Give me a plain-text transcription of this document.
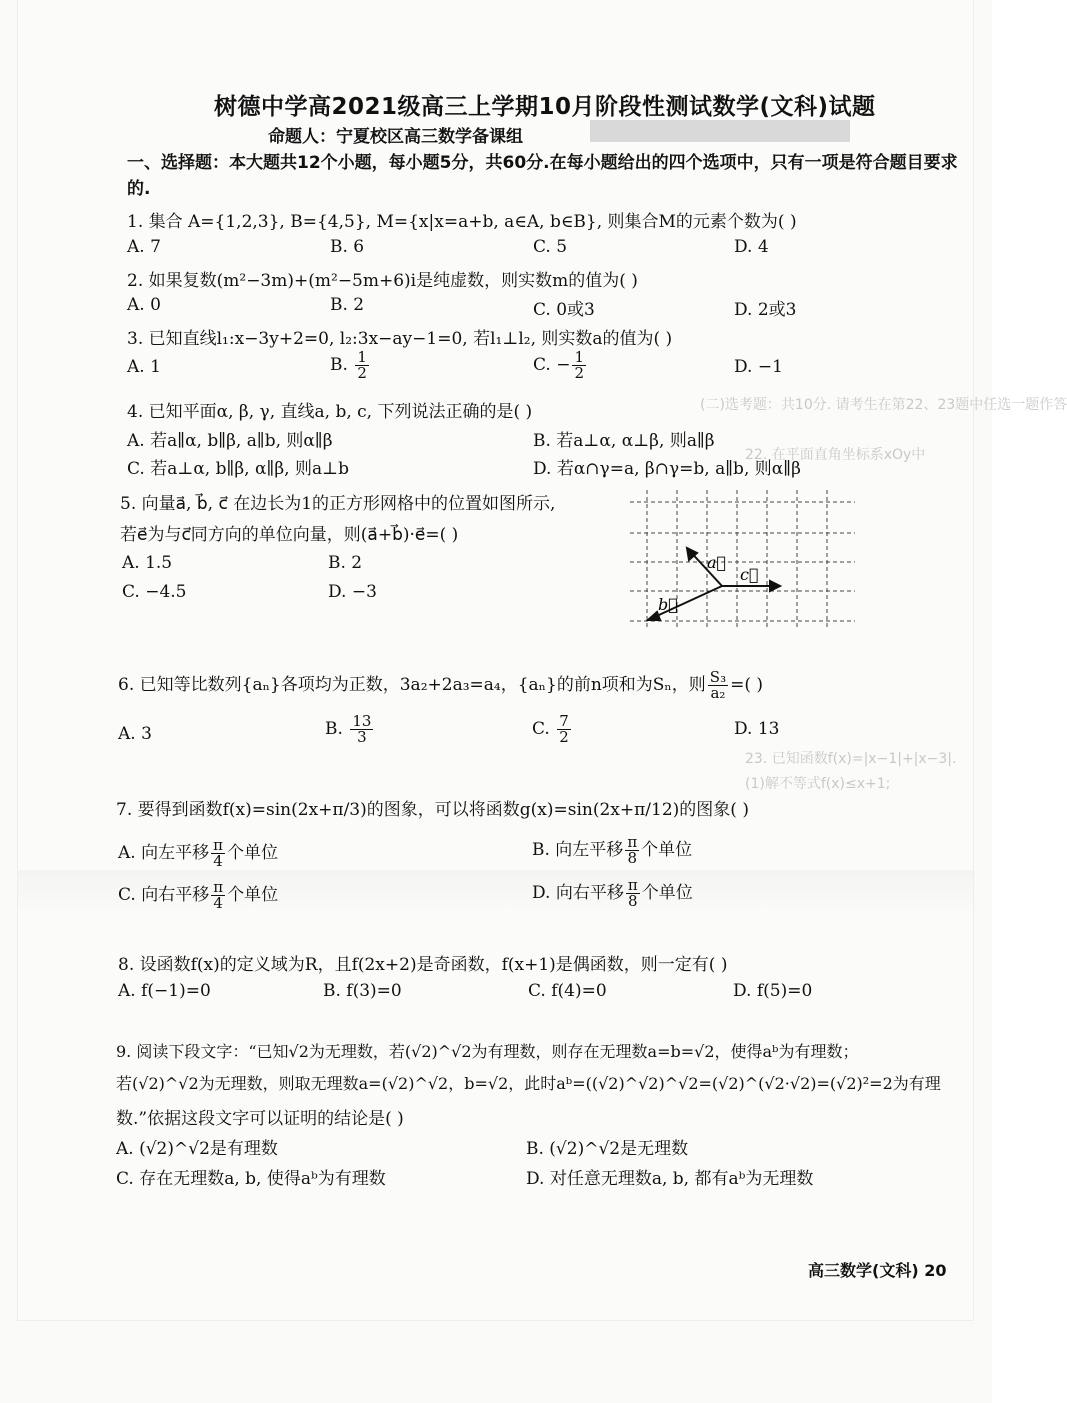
(二)选考题：共10分. 请考生在第22、23题中任选一题作答
22. 在平面直角坐标系xOy中
23. 已知函数f(x)=|x−1|+|x−3|.
(1)解不等式f(x)≤x+1;
树德中学高2021级高三上学期10月阶段性测试数学(文科)试题
命题人：宁夏校区高三数学备课组
一、选择题：本大题共12个小题，每小题5分，共60分.在每小题给出的四个选项中，只有一项是符合题目要求的.
1. 集合 A={1,2,3}, B={4,5}, M={x|x=a+b, a∈A, b∈B}, 则集合M的元素个数为( )
A. 7	B. 6	C. 5	D. 4
2. 如果复数(m²−3m)+(m²−5m+6)i是纯虚数，则实数m的值为( )
A. 0	B. 2	C. 0或3	D. 2或3
3. 已知直线l₁:x−3y+2=0, l₂:3x−ay−1=0, 若l₁⊥l₂, 则实数a的值为( )
A. 1	B. $\frac{1}{2}$	C. − $\frac{1}{2}$	D. −1
4. 已知平面α, β, γ, 直线a, b, c, 下列说法正确的是( )
A. 若a∥α, b∥β, a∥b, 则α∥β	B. 若a⊥α, α⊥β, 则a∥β
C. 若a⊥α, b∥β, α∥β, 则a⊥b	D. 若α∩γ=a, β∩γ=b, a∥b, 则α∥β
5. 向量a⃗, b⃗, c⃗ 在边长为1的正方形网格中的位置如图所示,
若e⃗为与c⃗同方向的单位向量，则(a⃗+b⃗)·e⃗=( )
A. 1.5	B. 2
C. −4.5	D. −3
a⃗
c⃗
b⃗
6. 已知等比数列{aₙ}各项均为正数，3a₂+2a₃=a₄，{aₙ}的前n项和为Sₙ，则 $\frac{\text{S₃}}{\text{a₂}}$ =( )
A. 3	B. $\frac{13}{3}$	C. $\frac{7}{2}$	D. 13
7. 要得到函数f(x)=sin(2x+π/3)的图象，可以将函数g(x)=sin(2x+π/12)的图象( )
A. 向左平移 $\frac{\pi}{4}$ 个单位	B. 向左平移 $\frac{\pi}{8}$ 个单位
C. 向右平移 $\frac{\pi}{4}$ 个单位	D. 向右平移 $\frac{\pi}{8}$ 个单位
8. 设函数f(x)的定义域为R，且f(2x+2)是奇函数，f(x+1)是偶函数，则一定有( )
A. f(−1)=0	B. f(3)=0	C. f(4)=0	D. f(5)=0
9. 阅读下段文字：“已知√2为无理数，若(√2)^√2为有理数，则存在无理数a=b=√2，使得aᵇ为有理数；
若(√2)^√2为无理数，则取无理数a=(√2)^√2，b=√2，此时aᵇ=((√2)^√2)^√2=(√2)^(√2·√2)=(√2)²=2为有理
数.”依据这段文字可以证明的结论是( )
A. (√2)^√2是有理数	B. (√2)^√2是无理数
C. 存在无理数a, b, 使得aᵇ为有理数	D. 对任意无理数a, b, 都有aᵇ为无理数
高三数学(文科) 20
